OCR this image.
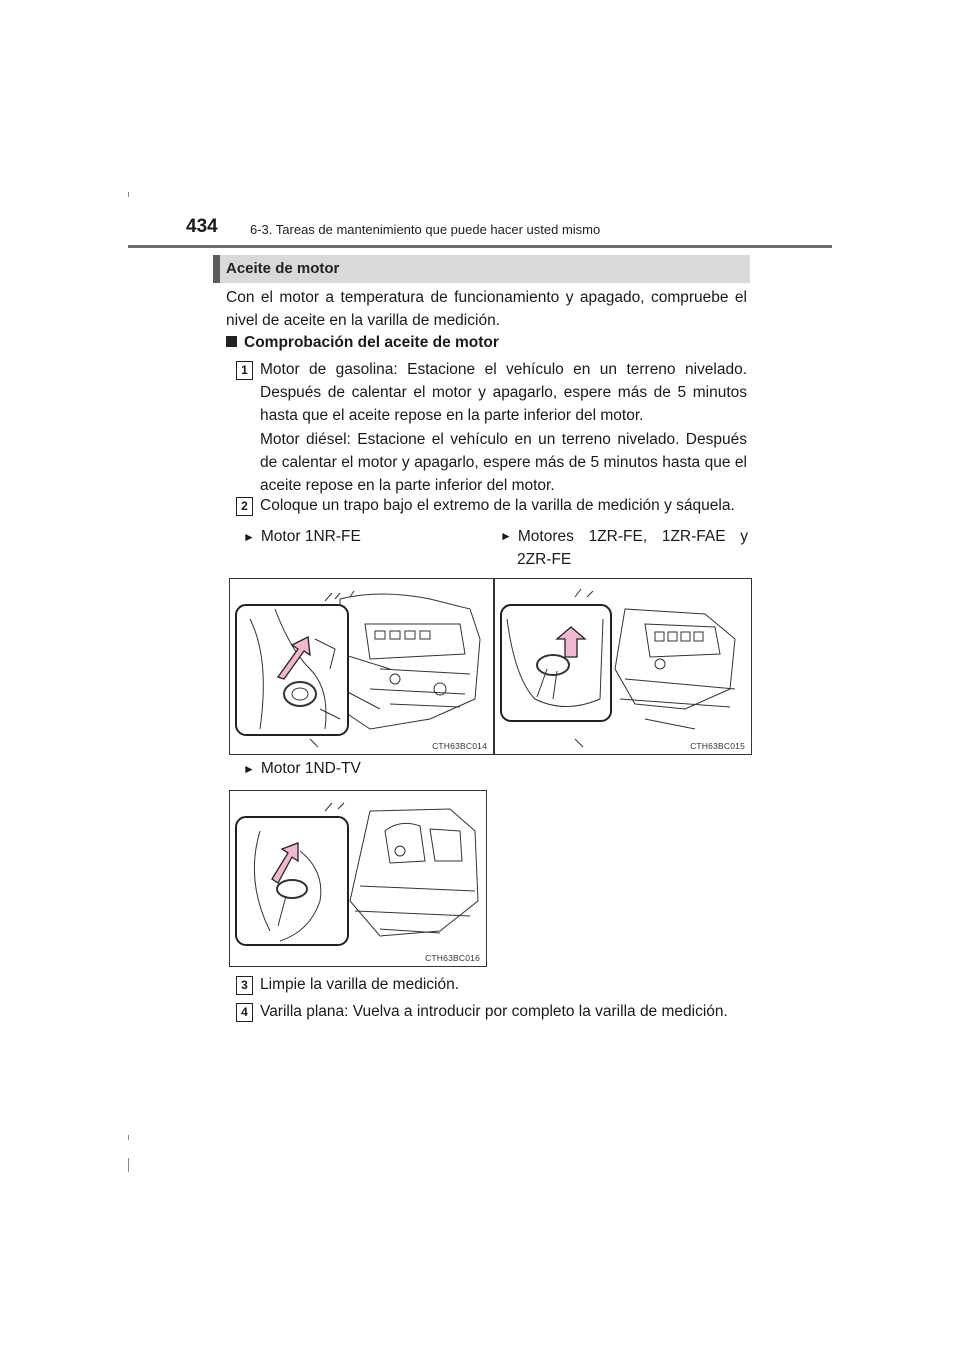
434 6-3. Tareas de mantenimiento que puede hacer usted mismo
Aceite de motor
Con el motor a temperatura de funcionamiento y apagado, compruebe el nivel de aceite en la varilla de medición.
Comprobación del aceite de motor
1 Motor de gasolina: Estacione el vehículo en un terreno nivelado. Después de calentar el motor y apagarlo, espere más de 5 minutos hasta que el aceite repose en la parte inferior del motor.
Motor diésel: Estacione el vehículo en un terreno nivelado. Después de calentar el motor y apagarlo, espere más de 5 minutos hasta que el aceite repose en la parte inferior del motor.
2 Coloque un trapo bajo el extremo de la varilla de medición y sáquela.
► Motor 1NR-FE	► Motores 1ZR-FE, 1ZR-FAE y
2ZR-FE
CTH63BC014	CTH63BC015
► Motor 1ND-TV
CTH63BC016
3 Limpie la varilla de medición.
4 Varilla plana: Vuelva a introducir por completo la varilla de medición.
